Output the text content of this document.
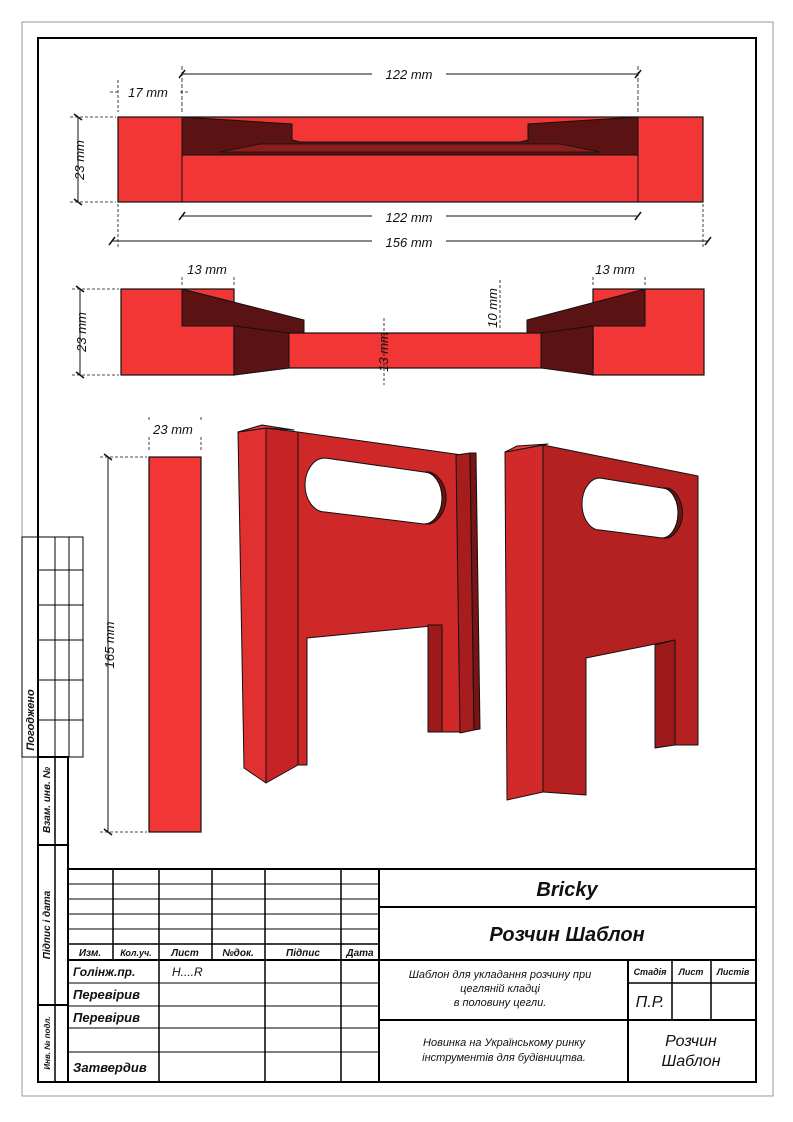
122 mm
17 mm
23 mm
122 mm
156 mm
13 mm	13 mm
23 mm
10 mm
13 mm
23 mm
165 mm
Погоджено
Взам. инв. №
Підпис і дата
Инв. № подл.
Bricky
Розчин Шаблон
Изм. Кол.уч. Лист №док.	Підпис	Дата
Голінж.пр.	Н....R
Перевірив
Перевірив
Затвердив
Шаблон для укладання розчину при
цегляній кладці
в половину цегли.
Стадія Лист Листів
П.Р.
Новинка на Українському ринку
інструментів для будівництва.
Розчин
Шаблон
